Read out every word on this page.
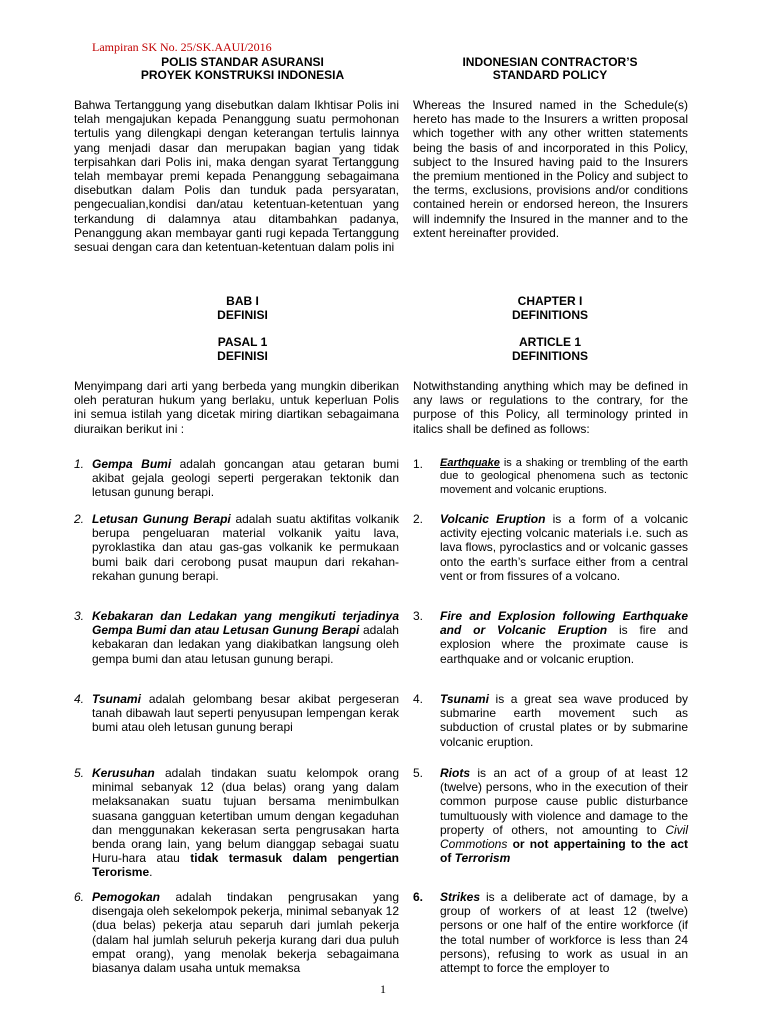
Lampiran SK No. 25/SK.AAUI/2016
POLIS STANDAR ASURANSI
PROYEK KONSTRUKSI INDONESIA
INDONESIAN CONTRACTOR’S
STANDARD POLICY

Bahwa Tertanggung yang disebutkan dalam Ikhtisar Polis ini telah mengajukan kepada Penanggung suatu permohonan tertulis yang dilengkapi dengan keterangan tertulis lainnya yang menjadi dasar dan merupakan bagian yang tidak terpisahkan dari Polis ini, maka dengan syarat Tertanggung telah membayar premi kepada Penanggung sebagaimana disebutkan dalam Polis dan tunduk pada persyaratan, pengecualian,kondisi dan/atau ketentuan-ketentuan yang terkandung di dalamnya atau ditambahkan padanya, Penanggung akan membayar ganti rugi kepada Tertanggung sesuai dengan cara dan ketentuan-ketentuan dalam polis ini

Whereas the Insured named in the Schedule(s) hereto has made to the Insurers a written proposal which together with any other written statements being the basis of and incorporated in this Policy, subject to the Insured having paid to the Insurers the premium mentioned in the Policy and subject to the terms, exclusions, provisions and/or conditions contained herein or endorsed hereon, the Insurers will indemnify the Insured in the manner and to the extent hereinafter provided.

BAB I
DEFINISI
CHAPTER I
DEFINITIONS
PASAL 1
DEFINISI
ARTICLE 1
DEFINITIONS

Menyimpang dari arti yang berbeda yang mungkin diberikan oleh peraturan hukum yang berlaku, untuk keperluan Polis ini semua istilah yang dicetak miring diartikan sebagaimana diuraikan berikut ini :

Notwithstanding anything which may be defined in any laws or regulations to the contrary, for the purpose of this Policy, all terminology printed in italics shall be defined as follows:

1. Gempa Bumi adalah goncangan atau getaran bumi akibat gejala geologi seperti pergerakan tektonik dan letusan gunung berapi.
2. Letusan Gunung Berapi adalah suatu aktifitas volkanik berupa pengeluaran material volkanik yaitu lava, pyroklastika dan atau gas-gas volkanik ke permukaan bumi baik dari cerobong pusat maupun dari rekahan-rekahan gunung berapi.
3. Kebakaran dan Ledakan yang mengikuti terjadinya Gempa Bumi dan atau Letusan Gunung Berapi adalah kebakaran dan ledakan yang diakibatkan langsung oleh gempa bumi dan atau letusan gunung berapi.
4. Tsunami adalah gelombang besar akibat pergeseran tanah dibawah laut seperti penyusupan lempengan kerak bumi atau oleh letusan gunung berapi
5. Kerusuhan adalah tindakan suatu kelompok orang minimal sebanyak 12 (dua belas) orang yang dalam melaksanakan suatu tujuan bersama menimbulkan suasana gangguan ketertiban umum dengan kegaduhan dan menggunakan kekerasan serta pengrusakan harta benda orang lain, yang belum dianggap sebagai suatu Huru-hara atau tidak termasuk dalam pengertian Terorisme.
6. Pemogokan adalah tindakan pengrusakan yang disengaja oleh sekelompok pekerja, minimal sebanyak 12 (dua belas) pekerja atau separuh dari jumlah pekerja (dalam hal jumlah seluruh pekerja kurang dari dua puluh empat orang), yang menolak bekerja sebagaimana biasanya dalam usaha untuk memaksa
1. Earthquake is a shaking or trembling of the earth due to geological phenomena such as tectonic movement and volcanic eruptions.
2. Volcanic Eruption is a form of a volcanic activity ejecting volcanic materials i.e. such as lava flows, pyroclastics and or volcanic gasses onto the earth’s surface either from a central vent or from fissures of a volcano.
3. Fire and Explosion following Earthquake and or Volcanic Eruption is fire and explosion where the proximate cause is earthquake and or volcanic eruption.
4. Tsunami is a great sea wave produced by submarine earth movement such as subduction of crustal plates or by submarine volcanic eruption.
5. Riots is an act of a group of at least 12 (twelve) persons, who in the execution of their common purpose cause public disturbance tumultuously with violence and damage to the property of others, not amounting to Civil Commotions or not appertaining to the act of Terrorism
6. Strikes is a deliberate act of damage, by a group of workers of at least 12 (twelve) persons or one half of the entire workforce (if the total number of workforce is less than 24 persons), refusing to work as usual in an attempt to force the employer to
1
